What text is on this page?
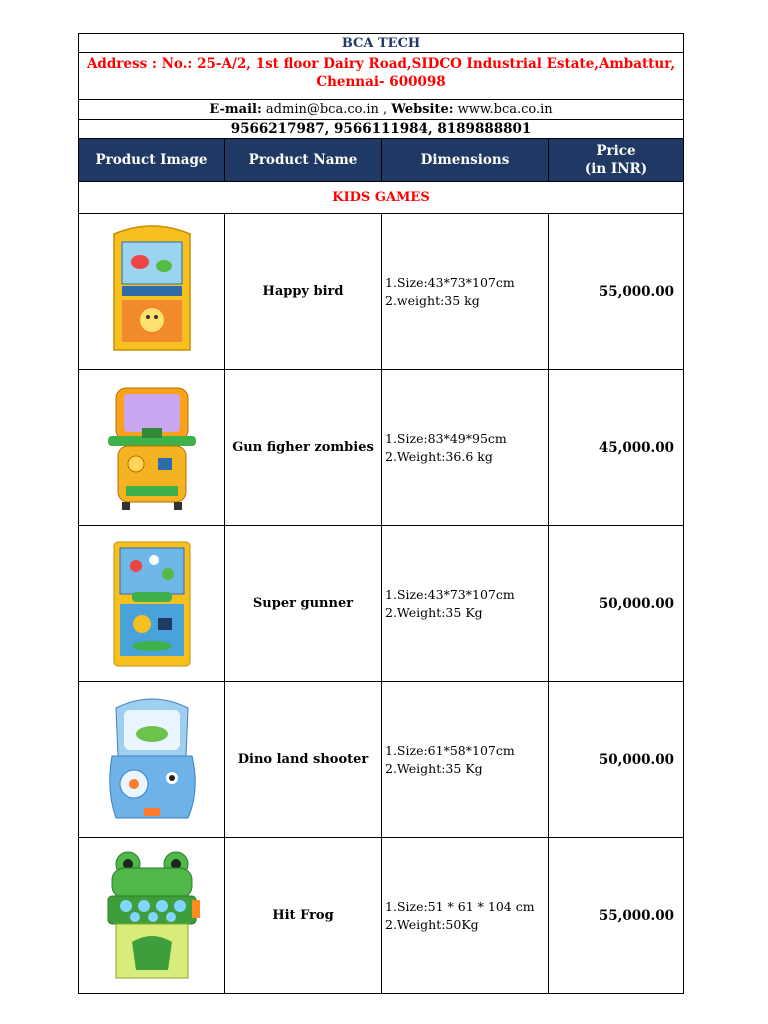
BCA TECH			

Address : No.: 25-A/2, 1st floor Dairy Road,SIDCO Industrial Estate,Ambattur,
Chennai- 600098			

E-mail: admin@bca.co.in , Website: www.bca.co.in			
9566217987, 9566111984, 8189888801			
Product Image	Product Name	Dimensions	Price
(in INR)

KIDS GAMES			

	Happy bird	1.Size:43*73*107cm
2.weight:35 kg	55,000.00

	Gun figher zombies	1.Size:83*49*95cm
2.Weight:36.6 kg	45,000.00

	Super gunner	1.Size:43*73*107cm
2.Weight:35 Kg	50,000.00

	Dino land shooter	1.Size:61*58*107cm
2.Weight:35 Kg	50,000.00

	Hit Frog	1.Size:51 * 61 * 104 cm
2.Weight:50Kg	55,000.00
